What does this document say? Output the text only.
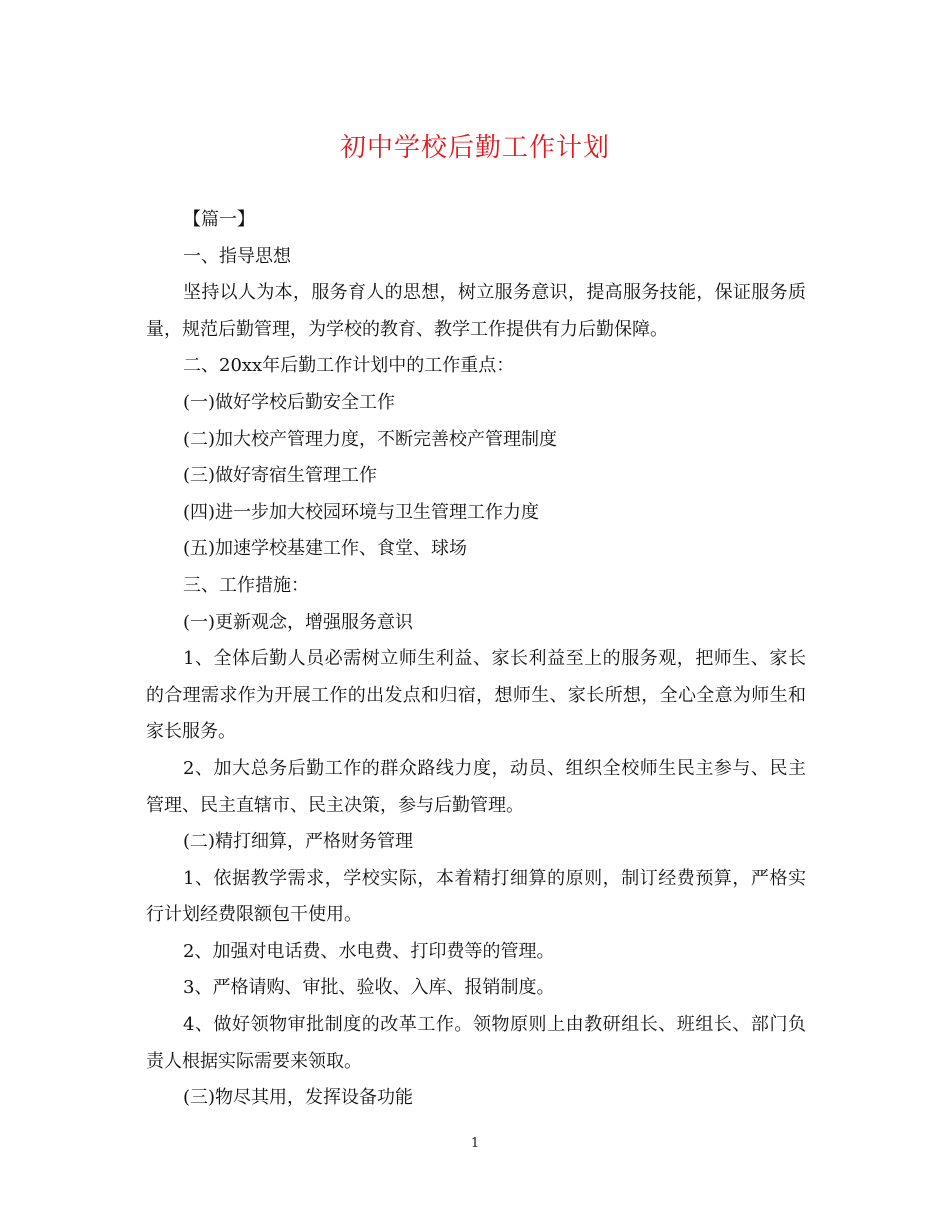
初中学校后勤工作计划

【篇一】

一、指导思想

坚持以人为本，服务育人的思想，树立服务意识，提高服务技能，保证服务质量，规范后勤管理，为学校的教育、教学工作提供有力后勤保障。

二、20xx年后勤工作计划中的工作重点：

(一)做好学校后勤安全工作

(二)加大校产管理力度，不断完善校产管理制度

(三)做好寄宿生管理工作

(四)进一步加大校园环境与卫生管理工作力度

(五)加速学校基建工作、食堂、球场

三、工作措施：

(一)更新观念，增强服务意识

1、全体后勤人员必需树立师生利益、家长利益至上的服务观，把师生、家长的合理需求作为开展工作的出发点和归宿，想师生、家长所想，全心全意为师生和家长服务。

2、加大总务后勤工作的群众路线力度，动员、组织全校师生民主参与、民主管理、民主直辖市、民主决策，参与后勤管理。

(二)精打细算，严格财务管理

1、依据教学需求，学校实际，本着精打细算的原则，制订经费预算，严格实行计划经费限额包干使用。

2、加强对电话费、水电费、打印费等的管理。

3、严格请购、审批、验收、入库、报销制度。

4、做好领物审批制度的改革工作。领物原则上由教研组长、班组长、部门负责人根据实际需要来领取。

(三)物尽其用，发挥设备功能

1
